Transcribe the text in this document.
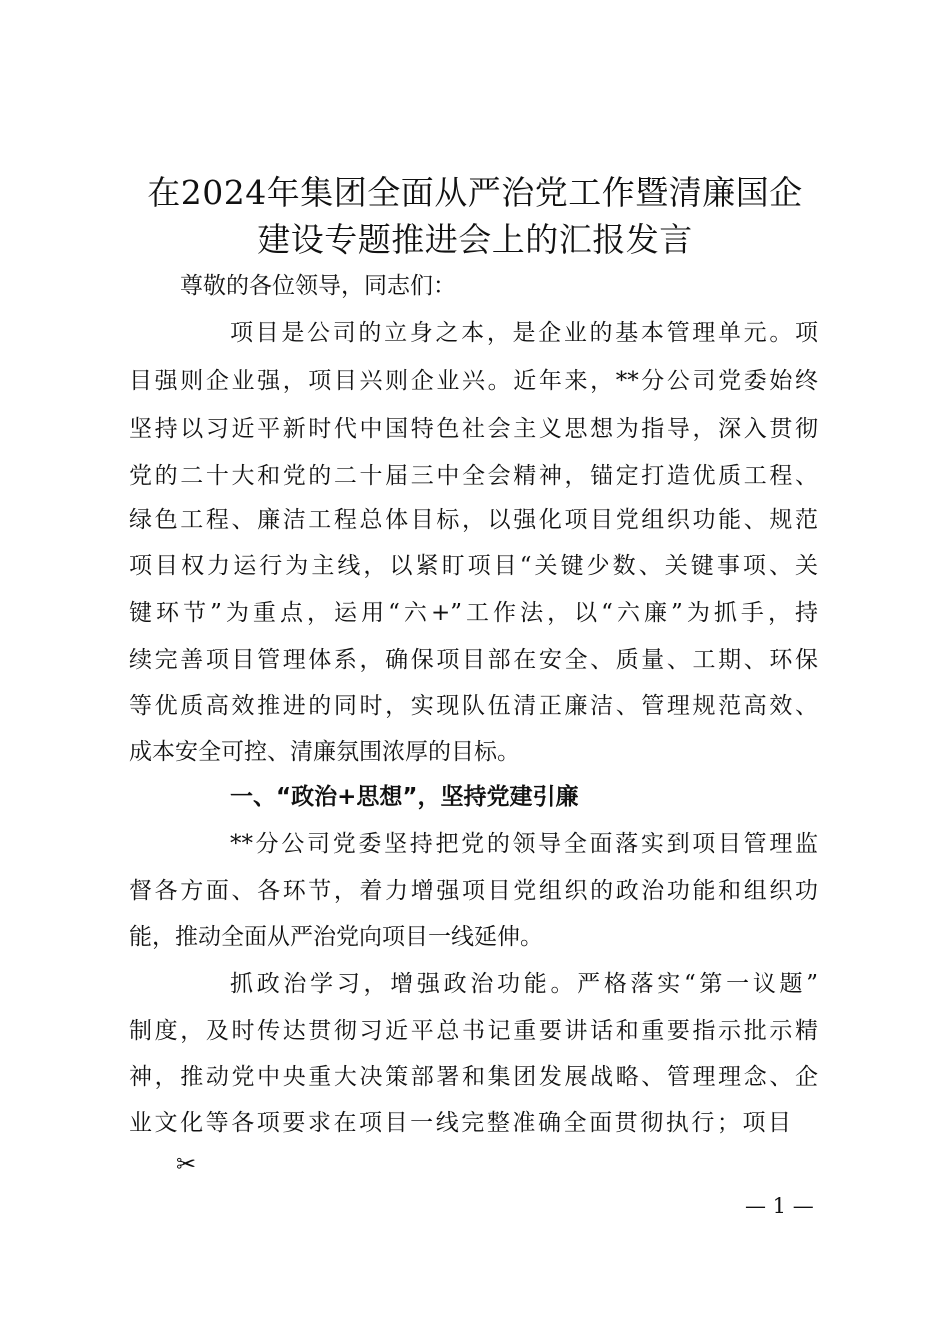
在2024年集团全面从严治党工作暨清廉国企
建设专题推进会上的汇报发言
尊敬的各位领导，同志们：
项目是公司的立身之本，是企业的基本管理单元。项
目强则企业强，项目兴则企业兴。近年来，**分公司党委始终
坚持以习近平新时代中国特色社会主义思想为指导，深入贯彻
党的二十大和党的二十届三中全会精神，锚定打造优质工程、
绿色工程、廉洁工程总体目标，以强化项目党组织功能、规范
项目权力运行为主线，以紧盯项目“关键少数、关键事项、关
键环节”为重点，运用“六+”工作法，以“六廉”为抓手，持
续完善项目管理体系，确保项目部在安全、质量、工期、环保
等优质高效推进的同时，实现队伍清正廉洁、管理规范高效、
成本安全可控、清廉氛围浓厚的目标。
一、“政治+思想”，坚持党建引廉
**分公司党委坚持把党的领导全面落实到项目管理监
督各方面、各环节，着力增强项目党组织的政治功能和组织功
能，推动全面从严治党向项目一线延伸。
抓政治学习，增强政治功能。严格落实“第一议题”
制度，及时传达贯彻习近平总书记重要讲话和重要指示批示精
神，推动党中央重大决策部署和集团发展战略、管理理念、企
业文化等各项要求在项目一线完整准确全面贯彻执行；项目
✂
— 1 —
